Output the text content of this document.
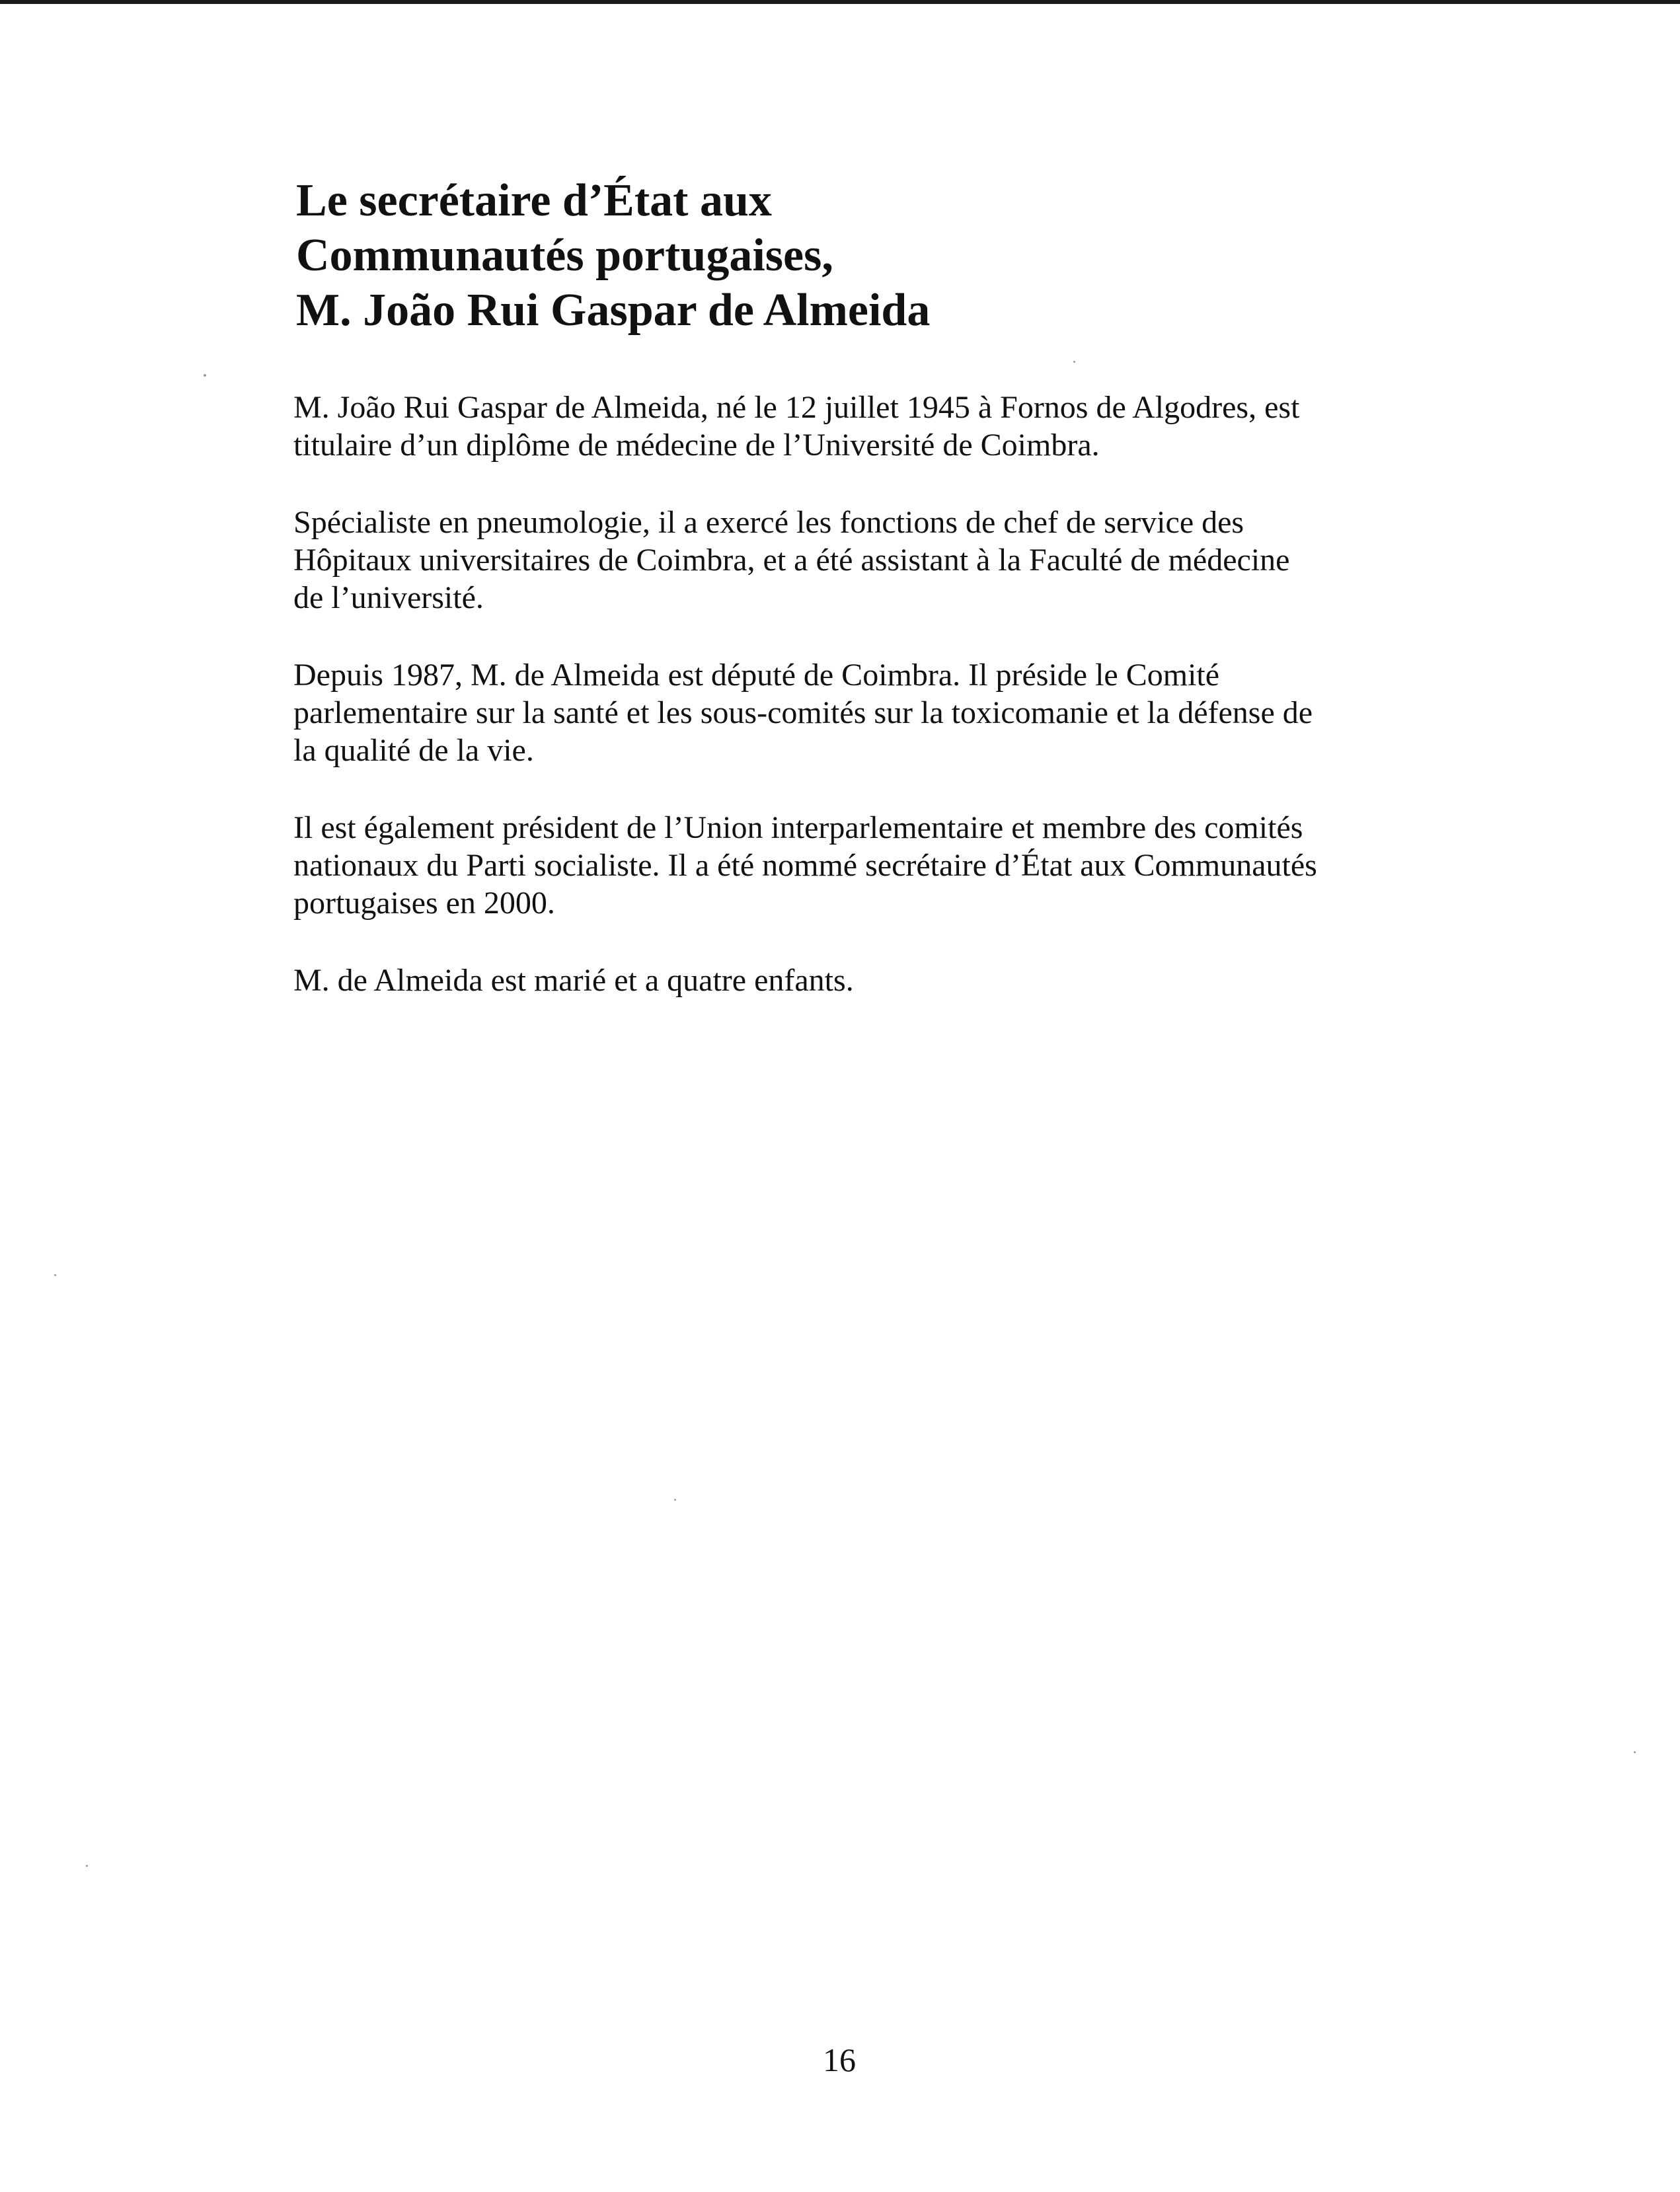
Le secrétaire d’État aux
Communautés portugaises,
M. João Rui Gaspar de Almeida

M. João Rui Gaspar de Almeida, né le 12 juillet 1945 à Fornos de Algodres, est
titulaire d’un diplôme de médecine de l’Université de Coimbra.

Spécialiste en pneumologie, il a exercé les fonctions de chef de service des
Hôpitaux universitaires de Coimbra, et a été assistant à la Faculté de médecine
de l’université.

Depuis 1987, M. de Almeida est député de Coimbra. Il préside le Comité
parlementaire sur la santé et les sous-comités sur la toxicomanie et la défense de
la qualité de la vie.

Il est également président de l’Union interparlementaire et membre des comités
nationaux du Parti socialiste. Il a été nommé secrétaire d’État aux Communautés
portugaises en 2000.

M. de Almeida est marié et a quatre enfants.

16
